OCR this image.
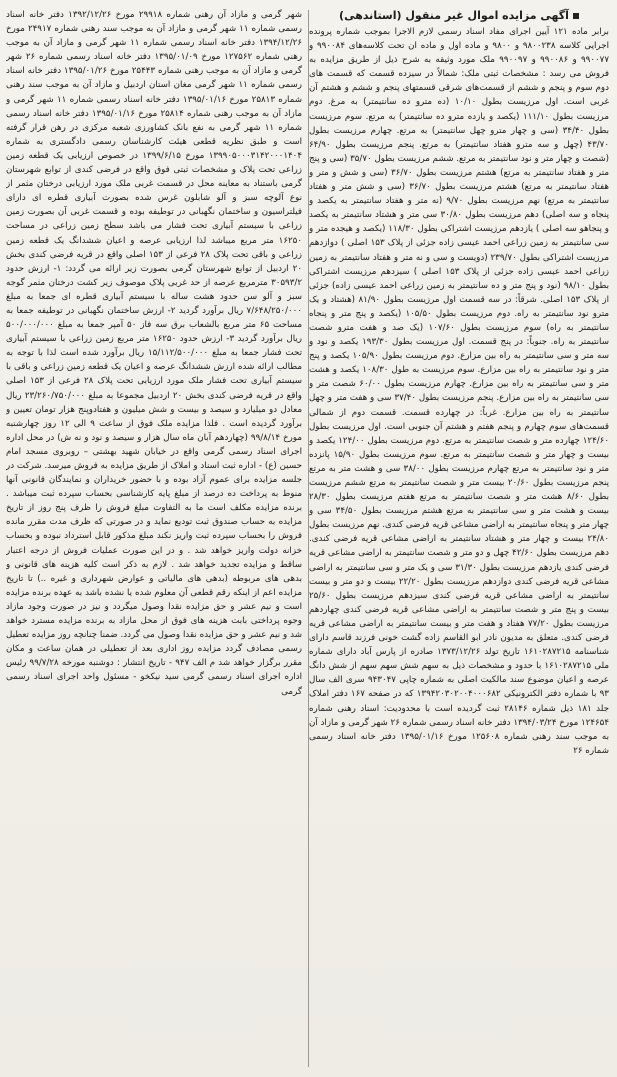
آگهی مزایده اموال غیر منقول (استاندهی)

برابر ماده ۱۲۱ آیین اجرای مفاد اسناد رسمی لازم الاجرا بموجب شماره پرونده اجرایی کلاسه ۹۸۰۰۲۳۸ و ۹۸۰۰ و ماده اول و ماده ان تحت کلاسه‌های ۹۹۰۰۸۴ و ۹۹۰۰۷۷ و ۹۹۰۰۸۶ و ۹۹۰۰۹۷ ملک مورد وثیقه به شرح ذیل از طریق مزایده به فروش می رسد : مشخصات ثبتی ملک: شمالاً در سیزده قسمت که قسمت های دوم سوم و پنجم و ششم از قسمت‌های شرقی قسمتهای پنجم و ششم و هشتم آن غربی است. اول مرزیست بطول ۱۰/۱۰ (ده مترو ده سانتیمتر) به مرغ. دوم مرزیست بطول ۱۱۱/۱۰ (یکصد و یازده مترو ده سانتیمتر) به مرتع. سوم مرزیست بطول ۳۴/۴۰ (سی و چهار مترو چهل سانتیمتر) به مرتع. چهارم مرزیست بطول ۴۳/۷۰ (چهل و سه مترو هفتاد سانتیمتر) به مرتع. پنجم مرزیست بطول ۶۴/۹۰ (شصت و چهار متر و نود سانتیمتر به مرتع. ششم مرزیست بطول ۳۵/۷۰ (سی و پنج متر و هفتاد سانتیمتر به مرتع) هشتم مرزیست بطول ۳۶/۷۰ (سی و شش و متر و هفتاد سانتیمتر به مرتع) هشتم مرزیست بطول ۳۶/۷۰ (سی و شش متر و هفتاد سانتیمتر به مرتع) نهم مرزیست بطول ۹/۷۰ (نه متر و هفتاد سانتیمتر به یکصد و پنجاه و سه اصلی) دهم مرزیست بطول ۳۰/۸۰ سی متر و هشتاد سانتیمتر به یکصد و پنجاهو سه اصلی ) یازدهم مرزیست اشتراکی بطول ۱۱۸/۳۰ (یکصد و هیجده متر و سی سانتیمتر به زمین زراعی احمد عیسی زاده جزئی از پلاک ۱۵۳ اصلی ) دوازدهم مرزیست اشتراکی بطول ۲۳۹/۷۰ (دویست و سی و نه متر و هفتاد سانتیمتر به زمین زراعی احمد عیسی زاده جزئی از پلاک ۱۵۳ اصلی ) سیزدهم مرزیست اشتراکی بطول ۹۸/۱۰ (نود و پنج متر و ده سانتیمتر به زمین زراعی احمد عیسی زاده) جزئی از پلاک ۱۵۳ اصلی. شرقاً: در سه قسمت اول مرزیست بطول ۸۱/۹۰ (هشتاد و یک مترو نود سانتیمتر به راه. دوم مرزیست بطول ۱۰۵/۵۰ (یکصد و پنج متر و پنجاه سانتیمتر به راه) سوم مرزیست بطول ۱۰۷/۶۰ (یک صد و هفت مترو شصت سانتیمتر به راه. جنوباً: در پنج قسمت. اول مرزیست بطول ۱۹۳/۳۰ یکصد و نود و سه متر و سی سانتیمتر به راه بین مزارع. دوم مرزیست بطول ۱۰۵/۹۰ یکصد و پنج متر و نود سانتیمتر به راه بین مزارع. سوم مرزیست به طول ۱۰۸/۳۰ یکصد و هشت متر و سی سانتیمتر به راه بین مزارع. چهارم مرزیست بطول ۶۰/۰۰ شصت متر و سی سانتیمتر به راه بین مزارع. پنجم مرزیست بطول ۳۷/۴۰ سی و هفت متر و چهل سانتیمتر به راه بین مزارع. غرباً: در چهارده قسمت. قسمت دوم از شمالی قسمت‌های سوم چهارم و پنجم هفتم و هشتم آن جنوبی است. اول مرزیست بطول ۱۲۴/۶۰ چهارده متر و شصت سانتیمتر به مرتع. دوم مرزیست بطول ۱۲۴/۰۰ یکصد و بیست و چهار متر و شصت سانتیمتر به مرتع. سوم مرزیست بطول ۱۵/۹۰ پانزده متر و نود سانتیمتر به مرتع چهارم مرزیست بطول ۳۸/۰۰ سی و هشت متر به مرتع پنجم مرزیست بطول ۲۰/۶۰ بیست متر و شصت سانتیمتر به مرتع ششم مرزیست بطول ۸/۶۰ هشت متر و شصت سانتیمتر به مرتع هفتم مرزیست بطول ۲۸/۳۰ بیست و هشت متر و سی سانتیمتر به مرتع هشتم مرزیست بطول ۳۴/۵۰ سی و چهار متر و پنجاه سانتیمتر به اراضی مشاعی قریه فرضی کندی. نهم مرزیست بطول ۲۴/۸۰ بیست و چهار متر و هشتاد سانتیمتر به اراضی مشاعی قریه فرضی کندی. دهم مرزیست بطول ۴۲/۶۰ چهل و دو متر و شصت سانتیمتر به اراضی مشاعی قریه فرضی کندی یازدهم مرزیست بطول ۳۱/۳۰ سی و یک متر و سی سانتیمتر به اراضی مشاعی قریه فرضی کندی دوازدهم مرزیست بطول ۲۲/۲۰ بیست و دو متر و بیست سانتیمتر به اراضی مشاعی قریه فرضی کندی سیزدهم مرزیست بطول ۲۵/۶۰ بیست و پنج متر و شصت سانتیمتر به اراضی مشاعی قریه فرضی کندی چهاردهم مرزیست بطول ۷۷/۲۰ هفتاد و هفت متر و بیست سانتیمتر به اراضی مشاعی قریه فرضی کندی. متعلق به مدیون نادر ابو القاسم زاده گشت خونی فرزند قاسم دارای شناسنامه ۱۶۱۰۲۸۷۲۱۵ تاریخ تولد ۱۳۷۳/۱۲/۲۶ صادره از پارس آباد دارای شماره ملی ۱۶۱۰۲۸۷۲۱۵ با حدود و مشخصات ذیل به سهم شش سهم سهم از شش دانگ عرصه و اعیان موضوع سند مالکیت اصلی به شماره چاپی ۹۴۳۰۴۷ سری الف سال ۹۳ با شماره دفتر الکترونیکی ۱۳۹۴۲۰۳۰۲۰۰۴۰۰۰۶۸۲ که در صفحه ۱۶۷ دفتر املاک جلد ۱۸۱ ذیل شماره ۲۸۱۴۶ ثبت گردیده است با محدودیت: اسناد رهنی شماره ۱۲۴۶۵۴ مورخ ۱۳۹۴/۰۳/۲۴ دفتر خانه اسناد رسمی شماره ۲۶ شهر گرمی و مازاد آن به موجب سند رهنی شماره ۱۲۵۶۰۸ مورخ ۱۳۹۵/۰۱/۱۶ دفتر خانه اسناد رسمی شماره ۲۶

شهر گرمی و مازاد آن رهنی شماره ۲۹۹۱۸ مورخ ۱۳۹۲/۱۲/۲۶ دفتر خانه اسناد رسمی شماره ۱۱ شهر گرمی و مازاد آن به موجب سند رهنی شماره ۲۴۹۱۷ مورخ ۱۳۹۴/۱۲/۲۶ دفتر خانه اسناد رسمی شماره ۱۱ شهر گرمی و مازاد آن به موجب رهنی شماره ۱۲۷۵۶۲ مورخ ۱۳۹۵/۰۱/۰۹ دفتر خانه اسناد رسمی شماره ۲۶ شهر گرمی و مازاد آن به موجب رهنی شماره ۲۵۴۴۳ مورخ ۱۳۹۵/۰۱/۲۶ دفتر خانه اسناد رسمی شماره ۱۱ شهر گرمی مغان استان اردبیل و مازاد آن به موجب سند رهنی شماره ۲۵۸۱۳ مورخ ۱۳۹۵/۰۱/۱۶ دفتر خانه اسناد رسمی شماره ۱۱ شهر گرمی و مازاد آن به موجب رهنی شماره ۲۵۸۱۴ مورخ ۱۳۹۵/۰۱/۱۶ دفتر خانه اسناد رسمی شماره ۱۱ شهر گرمی به نفع بانک کشاورزی شعبه مرکزی در رهن قرار گرفته است و طبق نظریه قطعی هیئت کارشناسان رسمی دادگستری به شماره ۱۳۹۹۰۵۰۰۰۳۱۴۲۰۰۰۱۴۰۴ مورخ ۱۳۹۹/۶/۱۵ در خصوص ارزیابی یک قطعه زمین زراعی تحت پلاک و مشخصات ثبتی فوق واقع در فرضی کندی از توابع شهرستان گرمی باستناد به معاینه محل در قسمت غربی ملک مورد ارزیابی درختان مثمر از نوع آلوچه سبز و آلو شابلون غرس شده بصورت آبیاری قطره ای دارای فیلتراسیون و ساختمان نگهبانی در توطیفه بوده و قسمت غربی آن بصورت زمین زراعی با سیستم آبیاری تحت فشار می باشد سطح زمین زراعی در مساحت ۱۶۲۵۰ متر مربع میباشد لذا ارزیابی عرصه و اعیان ششدانگ یک قطعه زمین زراعی و باقی تحت پلاک ۲۸ فرعی از ۱۵۳ اصلی واقع در قریه فرضی کندی بخش ۲۰ اردبیل از توابع شهرستان گرمی بصورت زیر ارائه می گردد: ۱- ارزش حدود ۳۰۵۹۳/۲ مترمربع عرصه از حد غربی پلاک موصوف زیر کشت درختان مثمر گوجه سبز و آلو سن حدود هشت ساله با سیستم آبیاری قطره ای جمعا به مبلغ ۷/۶۴۸/۲۵۰/۰۰۰ ریال برآورد گردید ۲- ارزش ساختمان نگهبانی در توطیفه جمعا به مساحت ۶۵ متر مربع بالشعاب برق سه فاز ۵۰ آمپر جمعا به مبلغ ۵۰۰/۰۰۰/۰۰۰ ریال برآورد گردید ۳- ارزش حدود ۱۶۲۵۰ متر مربع زمین زراعی با سیستم آبیاری تحت فشار جمعا به مبلغ ۱۵/۱۱۲/۵۰۰/۰۰۰ ریال برآورد شده است لذا با توجه به مطالب ارائه شده ارزش ششدانگ عرصه و اعیان یک قطعه زمین زراعی و باقی با سیستم آبیاری تحت فشار ملک مورد ارزیابی تحت پلاک ۲۸ فرعی از ۱۵۳ اصلی واقع در قریه فرضی کندی بخش ۲۰ اردبیل مجموعا به مبلغ ۲۳/۲۶۰/۷۵۰/۰۰۰ ریال معادل دو میلیارد و سیصد و بیست و شش میلیون و هفتادوپنج هزار تومان تعیین و برآورد گردیده است . فلذا مزایده ملک فوق از ساعت ۹ الی ۱۲ روز چهارشنبه مورخ ۹۹/۸/۱۴ (چهاردهم آبان ماه سال هزار و سیصد و نود و نه ش) در محل اداره اجرای اسناد رسمی گرمی واقع در خیابان شهید بهشتی – روبروی مسجد امام حسین (ع) - اداره ثبت اسناد و املاک از طریق مزایده به فروش میرسد. شرکت در جلسه مزایده برای عموم آزاد بوده و با حضور خریداران و نمایندگان قانونی آنها منوط به پرداخت ده درصد از مبلغ پایه کارشناسی بحساب سپرده ثبت میباشد . برنده مزایده مکلف است ما به التفاوت مبلغ فروش را ظرف پنج روز از تاریخ مزایده به حساب صندوق ثبت تودیع نماید و در صورتی که ظرف مدت مقرر مانده فروش را بحساب سپرده ثبت واریز نکند مبلغ مذکور قابل استرداد نبوده و بحساب خزانه دولت واریز خواهد شد . و در این صورت عملیات فروش از درجه اعتبار ساقط و مزایده تجدید خواهد شد . لازم به ذکر است کلیه هزینه های قانونی و بدهی های مربوطه (بدهی های مالیاتی و عوارض شهرداری و غیره ..) تا تاریخ مزایده اعم از اینکه رقم قطعی آن معلوم شده یا نشده باشد به عهده برنده مزایده است و نیم عشر و حق مزایده نقدا وصول میگردد و نیز در صورت وجود مازاد وجوه پرداختی بابت هزینه های فوق از محل مازاد به برنده مزایده مسترد خواهد شد و نیم عشر و حق مزایده نقدا وصول می گردد. ضمنا چنانچه روز مزایده تعطیل رسمی مصادف گردد مزایده روز اداری بعد از تعطیلی در همان ساعت و مکان مقرر برگزار خواهد شد م الف ۹۴۷ - تاریخ انتشار : دوشنبه مورخه ۹۹/۷/۲۸ رئیس اداره اجرای اسناد رسمی گرمی سید نیکخو - مسئول واحد اجرای اسناد رسمی گرمی
